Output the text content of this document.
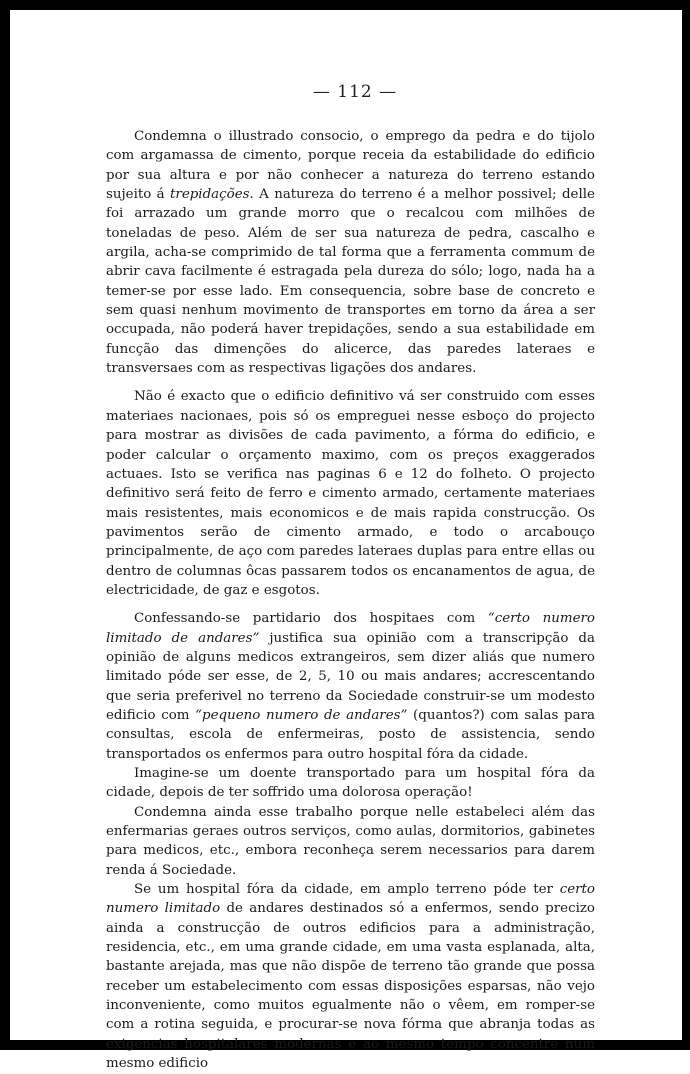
— 112 —

Condemna o illustrado consocio, o emprego da pedra e do tijolo com argamassa de cimento, porque receia da estabilidade do edificio por sua altura e por não conhecer a natureza do terreno estando sujeito á trepidações. A natureza do terreno é a melhor possivel; delle foi arrazado um grande morro que o recalcou com milhões de toneladas de peso. Além de ser sua natureza de pedra, cascalho e argila, acha-se comprimido de tal forma que a ferramenta commum de abrir cava facilmente é estragada pela dureza do sólo; logo, nada ha a temer-se por esse lado. Em consequencia, sobre base de concreto e sem quasi nenhum movimento de transportes em torno da área a ser occupada, não poderá haver trepidações, sendo a sua estabilidade em funcção das dimenções do alicerce, das paredes lateraes e transversaes com as respectivas ligações dos andares.

Não é exacto que o edificio definitivo vá ser construido com esses materiaes nacionaes, pois só os empreguei nesse esboço do projecto para mostrar as divisões de cada pavimento, a fórma do edificio, e poder calcular o orçamento maximo, com os preços exaggerados actuaes. Isto se verifica nas paginas 6 e 12 do folheto. O projecto definitivo será feito de ferro e cimento armado, certamente materiaes mais resistentes, mais economicos e de mais rapida construcção. Os pavimentos serão de cimento armado, e todo o arcabouço principalmente, de aço com paredes lateraes duplas para entre ellas ou dentro de columnas ôcas passarem todos os encanamentos de agua, de electricidade, de gaz e esgotos.

Confessando-se partidario dos hospitaes com “certo numero limitado de andares” justifica sua opinião com a transcripção da opinião de alguns medicos extrangeiros, sem dizer aliás que numero limitado póde ser esse, de 2, 5, 10 ou mais andares; accrescentando que seria preferivel no terreno da Sociedade construir-se um modesto edificio com “pequeno numero de andares” (quantos?) com salas para consultas, escola de enfermeiras, posto de assistencia, sendo transportados os enfermos para outro hospital fóra da cidade.

Imagine-se um doente transportado para um hospital fóra da cidade, depois de ter soffrido uma dolorosa operação!

Condemna ainda esse trabalho porque nelle estabeleci além das enfermarias geraes outros serviços, como aulas, dormitorios, gabinetes para medicos, etc., embora reconheça serem necessarios para darem renda á Sociedade.

Se um hospital fóra da cidade, em amplo terreno póde ter certo numero limitado de andares destinados só a enfermos, sendo precizo ainda a construcção de outros edificios para a administração, residencia, etc., em uma grande cidade, em uma vasta esplanada, alta, bastante arejada, mas que não dispõe de terreno tão grande que possa receber um estabelecimento com essas disposições esparsas, não vejo inconveniente, como muitos egualmente não o vêem, em romper-se com a rotina seguida, e procurar-se nova fórma que abranja todas as exigencias hospitalares modernas e ao mesmo tempo concentre num mesmo edificio
